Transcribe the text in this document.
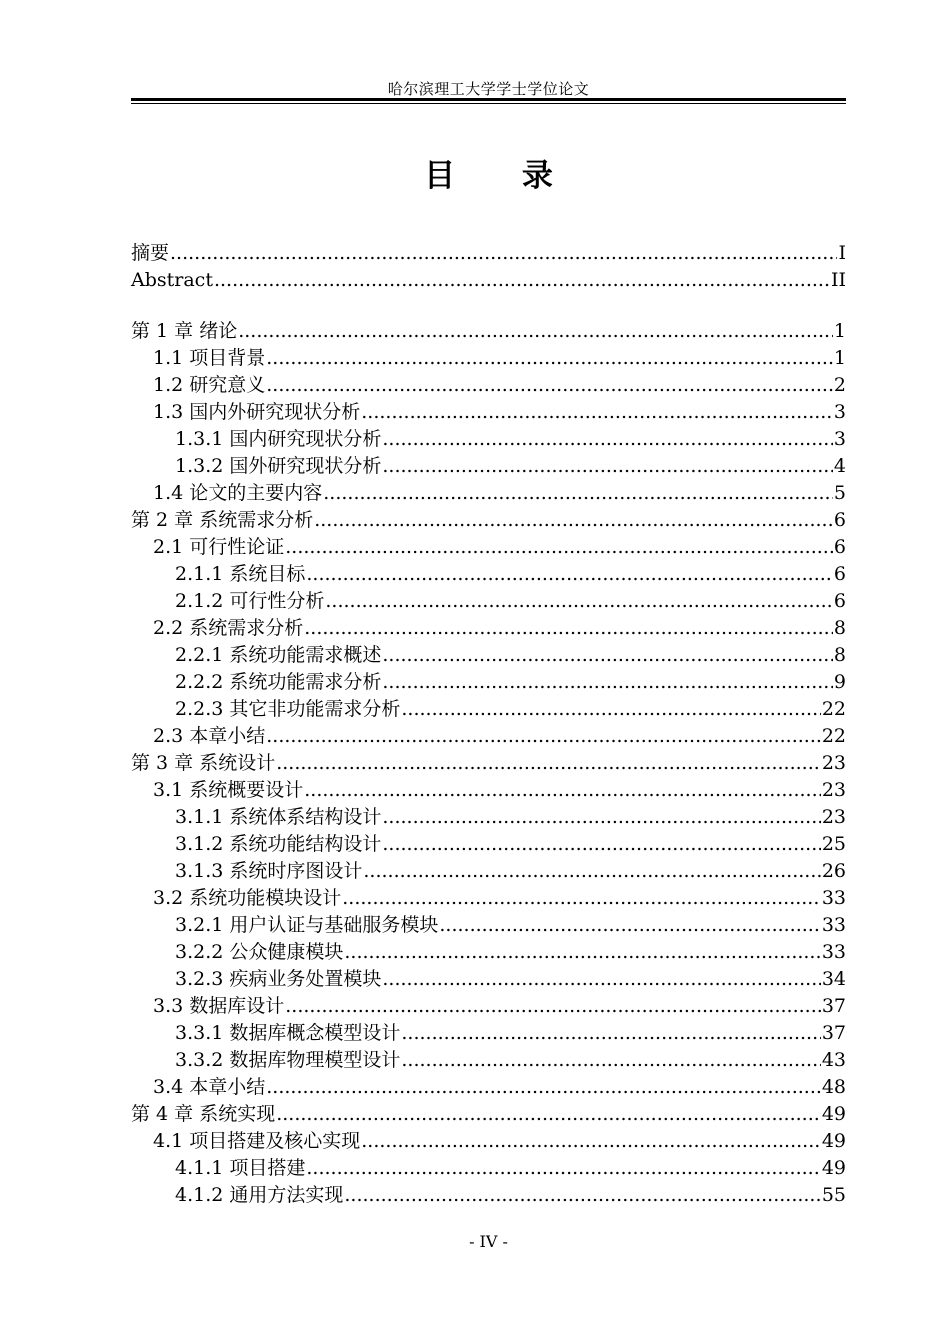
哈尔滨理工大学学士学位论文
目 录
摘要 .....	I
Abstract .....	II
第 1 章 绪论 .....	1
1.1 项目背景 .....	1
1.2 研究意义 .....	2
1.3 国内外研究现状分析 .....	3
1.3.1 国内研究现状分析 .....	3
1.3.2 国外研究现状分析 .....	4
1.4 论文的主要内容 .....	5
第 2 章 系统需求分析 .....	6
2.1 可行性论证 .....	6
2.1.1 系统目标 .....	6
2.1.2 可行性分析 .....	6
2.2 系统需求分析 .....	8
2.2.1 系统功能需求概述 .....	8
2.2.2 系统功能需求分析 .....	9
2.2.3 其它非功能需求分析 .....	22
2.3 本章小结 .....	22
第 3 章 系统设计 .....	23
3.1 系统概要设计 .....	23
3.1.1 系统体系结构设计 .....	23
3.1.2 系统功能结构设计 .....	25
3.1.3 系统时序图设计 .....	26
3.2 系统功能模块设计 .....	33
3.2.1 用户认证与基础服务模块 .....	33
3.2.2 公众健康模块 .....	33
3.2.3 疾病业务处置模块 .....	34
3.3 数据库设计 .....	37
3.3.1 数据库概念模型设计 .....	37
3.3.2 数据库物理模型设计 .....	43
3.4 本章小结 .....	48
第 4 章 系统实现 .....	49
4.1 项目搭建及核心实现 .....	49
4.1.1 项目搭建 .....	49
4.1.2 通用方法实现 .....	55
- IV -
